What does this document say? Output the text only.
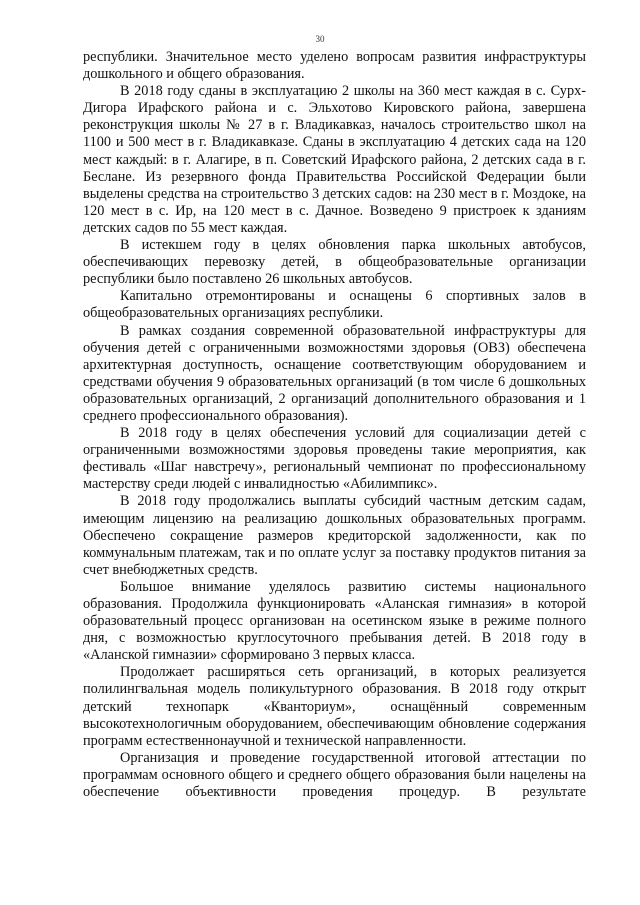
30

республики. Значительное место уделено вопросам развития инфраструктуры дошкольного и общего образования.

В 2018 году сданы в эксплуатацию 2 школы на 360 мест каждая в с. Сурх-Дигора Ирафского района и с. Эльхотово Кировского района, завершена реконструкция школы № 27 в г. Владикавказ, началось строительство школ на 1100 и 500 мест в г. Владикавказе. Сданы в эксплуатацию 4 детских сада на 120 мест каждый: в г. Алагире, в п. Советский Ирафского района, 2 детских сада в г. Беслане. Из резервного фонда Правительства Российской Федерации были выделены средства на строительство 3 детских садов: на 230 мест в г. Моздоке, на 120 мест в с. Ир, на 120 мест в с. Дачное. Возведено 9 пристроек к зданиям детских садов по 55 мест каждая.

В истекшем году в целях обновления парка школьных автобусов, обеспечивающих перевозку детей, в общеобразовательные организации республики было поставлено 26 школьных автобусов.

Капитально отремонтированы и оснащены 6 спортивных залов в общеобразовательных организациях республики.

В рамках создания современной образовательной инфраструктуры для обучения детей с ограниченными возможностями здоровья (ОВЗ) обеспечена архитектурная доступность, оснащение соответствующим оборудованием и средствами обучения 9 образовательных организаций (в том числе 6 дошкольных образовательных организаций, 2 организаций дополнительного образования и 1 среднего профессионального образования).

В 2018 году в целях обеспечения условий для социализации детей с ограниченными возможностями здоровья проведены такие мероприятия, как фестиваль «Шаг навстречу», региональный чемпионат по профессиональному мастерству среди людей с инвалидностью «Абилимпикс».

В 2018 году продолжались выплаты субсидий частным детским садам, имеющим лицензию на реализацию дошкольных образовательных программ. Обеспечено сокращение размеров кредиторской задолженности, как по коммунальным платежам, так и по оплате услуг за поставку продуктов питания за счет внебюджетных средств.

Большое внимание уделялось развитию системы национального образования. Продолжила функционировать «Аланская гимназия» в которой образовательный процесс организован на осетинском языке в режиме полного дня, с возможностью круглосуточного пребывания детей. В 2018 году в «Аланской гимназии» сформировано 3 первых класса.

Продолжает расширяться сеть организаций, в которых реализуется полилингвальная модель поликультурного образования. В 2018 году открыт детский технопарк «Кванториум», оснащённый современным высокотехнологичным оборудованием, обеспечивающим обновление содержания программ естественнонаучной и технической направленности.

Организация и проведение государственной итоговой аттестации по программам основного общего и среднего общего образования были нацелены на обеспечение объективности проведения процедур. В результате
